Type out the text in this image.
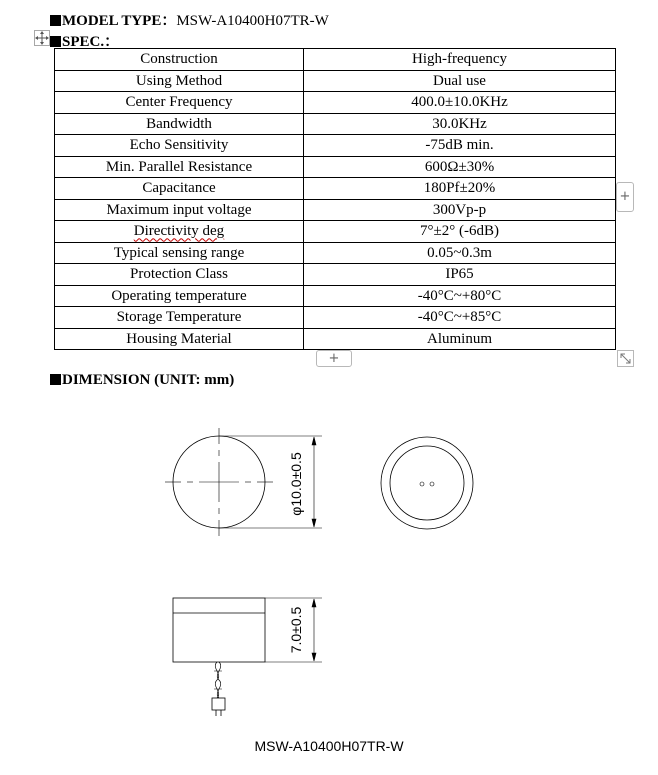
MODEL TYPE：MSW-A10400H07TR-W
SPEC.：
Construction	High-frequency
Using Method	Dual use
Center Frequency	400.0±10.0KHz
Bandwidth	30.0KHz
Echo Sensitivity	-75dB min.
Min. Parallel Resistance	600Ω±30%
Capacitance	180Pf±20%
Maximum input voltage	300Vp-p
Directivity deg	7°±2° (-6dB)
Typical sensing range	0.05~0.3m
Protection Class	IP65
Operating temperature	-40°C~+80°C
Storage Temperature	-40°C~+85°C
Housing Material	Aluminum
+
+
DIMENSION (UNIT: mm)
φ10.0±0.5
7.0±0.5
MSW-A10400H07TR-W
